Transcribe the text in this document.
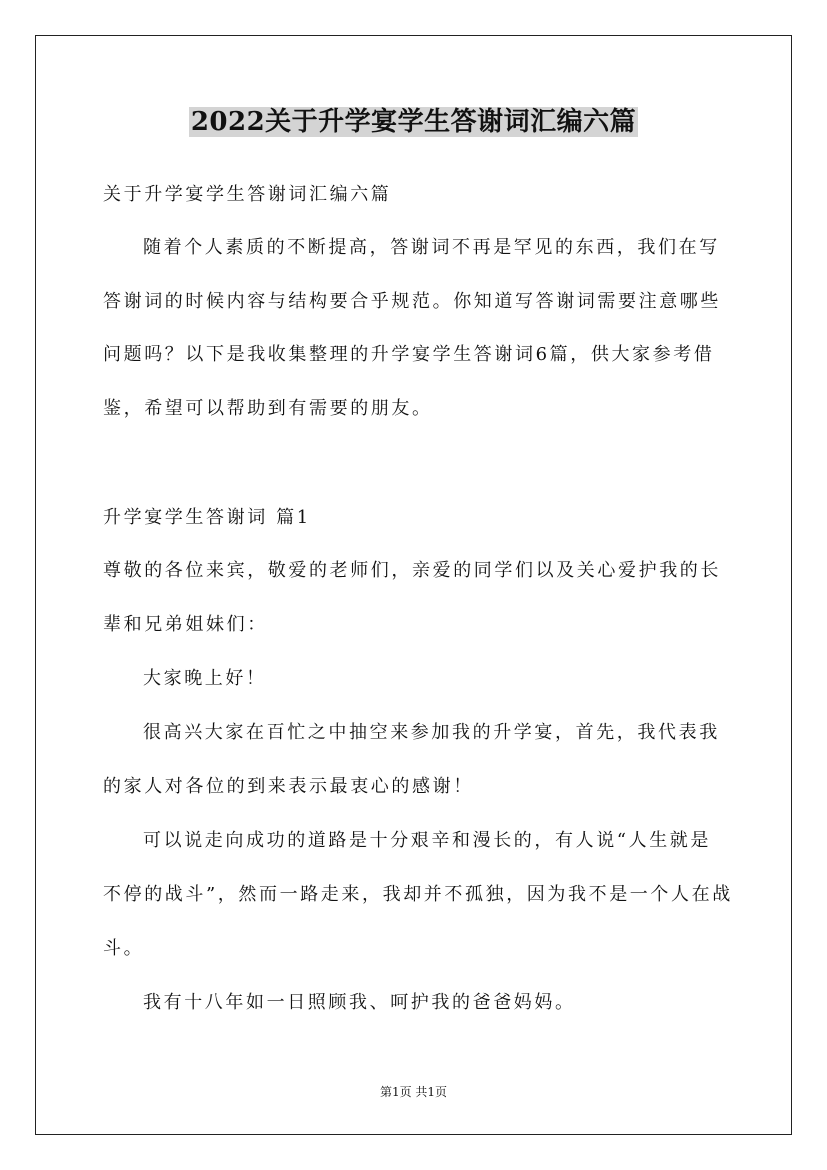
2022关于升学宴学生答谢词汇编六篇
关于升学宴学生答谢词汇编六篇
随着个人素质的不断提高，答谢词不再是罕见的东西，我们在写
答谢词的时候内容与结构要合乎规范。你知道写答谢词需要注意哪些
问题吗？以下是我收集整理的升学宴学生答谢词6篇，供大家参考借
鉴，希望可以帮助到有需要的朋友。
升学宴学生答谢词 篇1
尊敬的各位来宾，敬爱的老师们，亲爱的同学们以及关心爱护我的长
辈和兄弟姐妹们：
大家晚上好！
很高兴大家在百忙之中抽空来参加我的升学宴，首先，我代表我
的家人对各位的到来表示最衷心的感谢！
可以说走向成功的道路是十分艰辛和漫长的，有人说“人生就是
不停的战斗”，然而一路走来，我却并不孤独，因为我不是一个人在战
斗。
我有十八年如一日照顾我、呵护我的爸爸妈妈。
第1页 共1页
